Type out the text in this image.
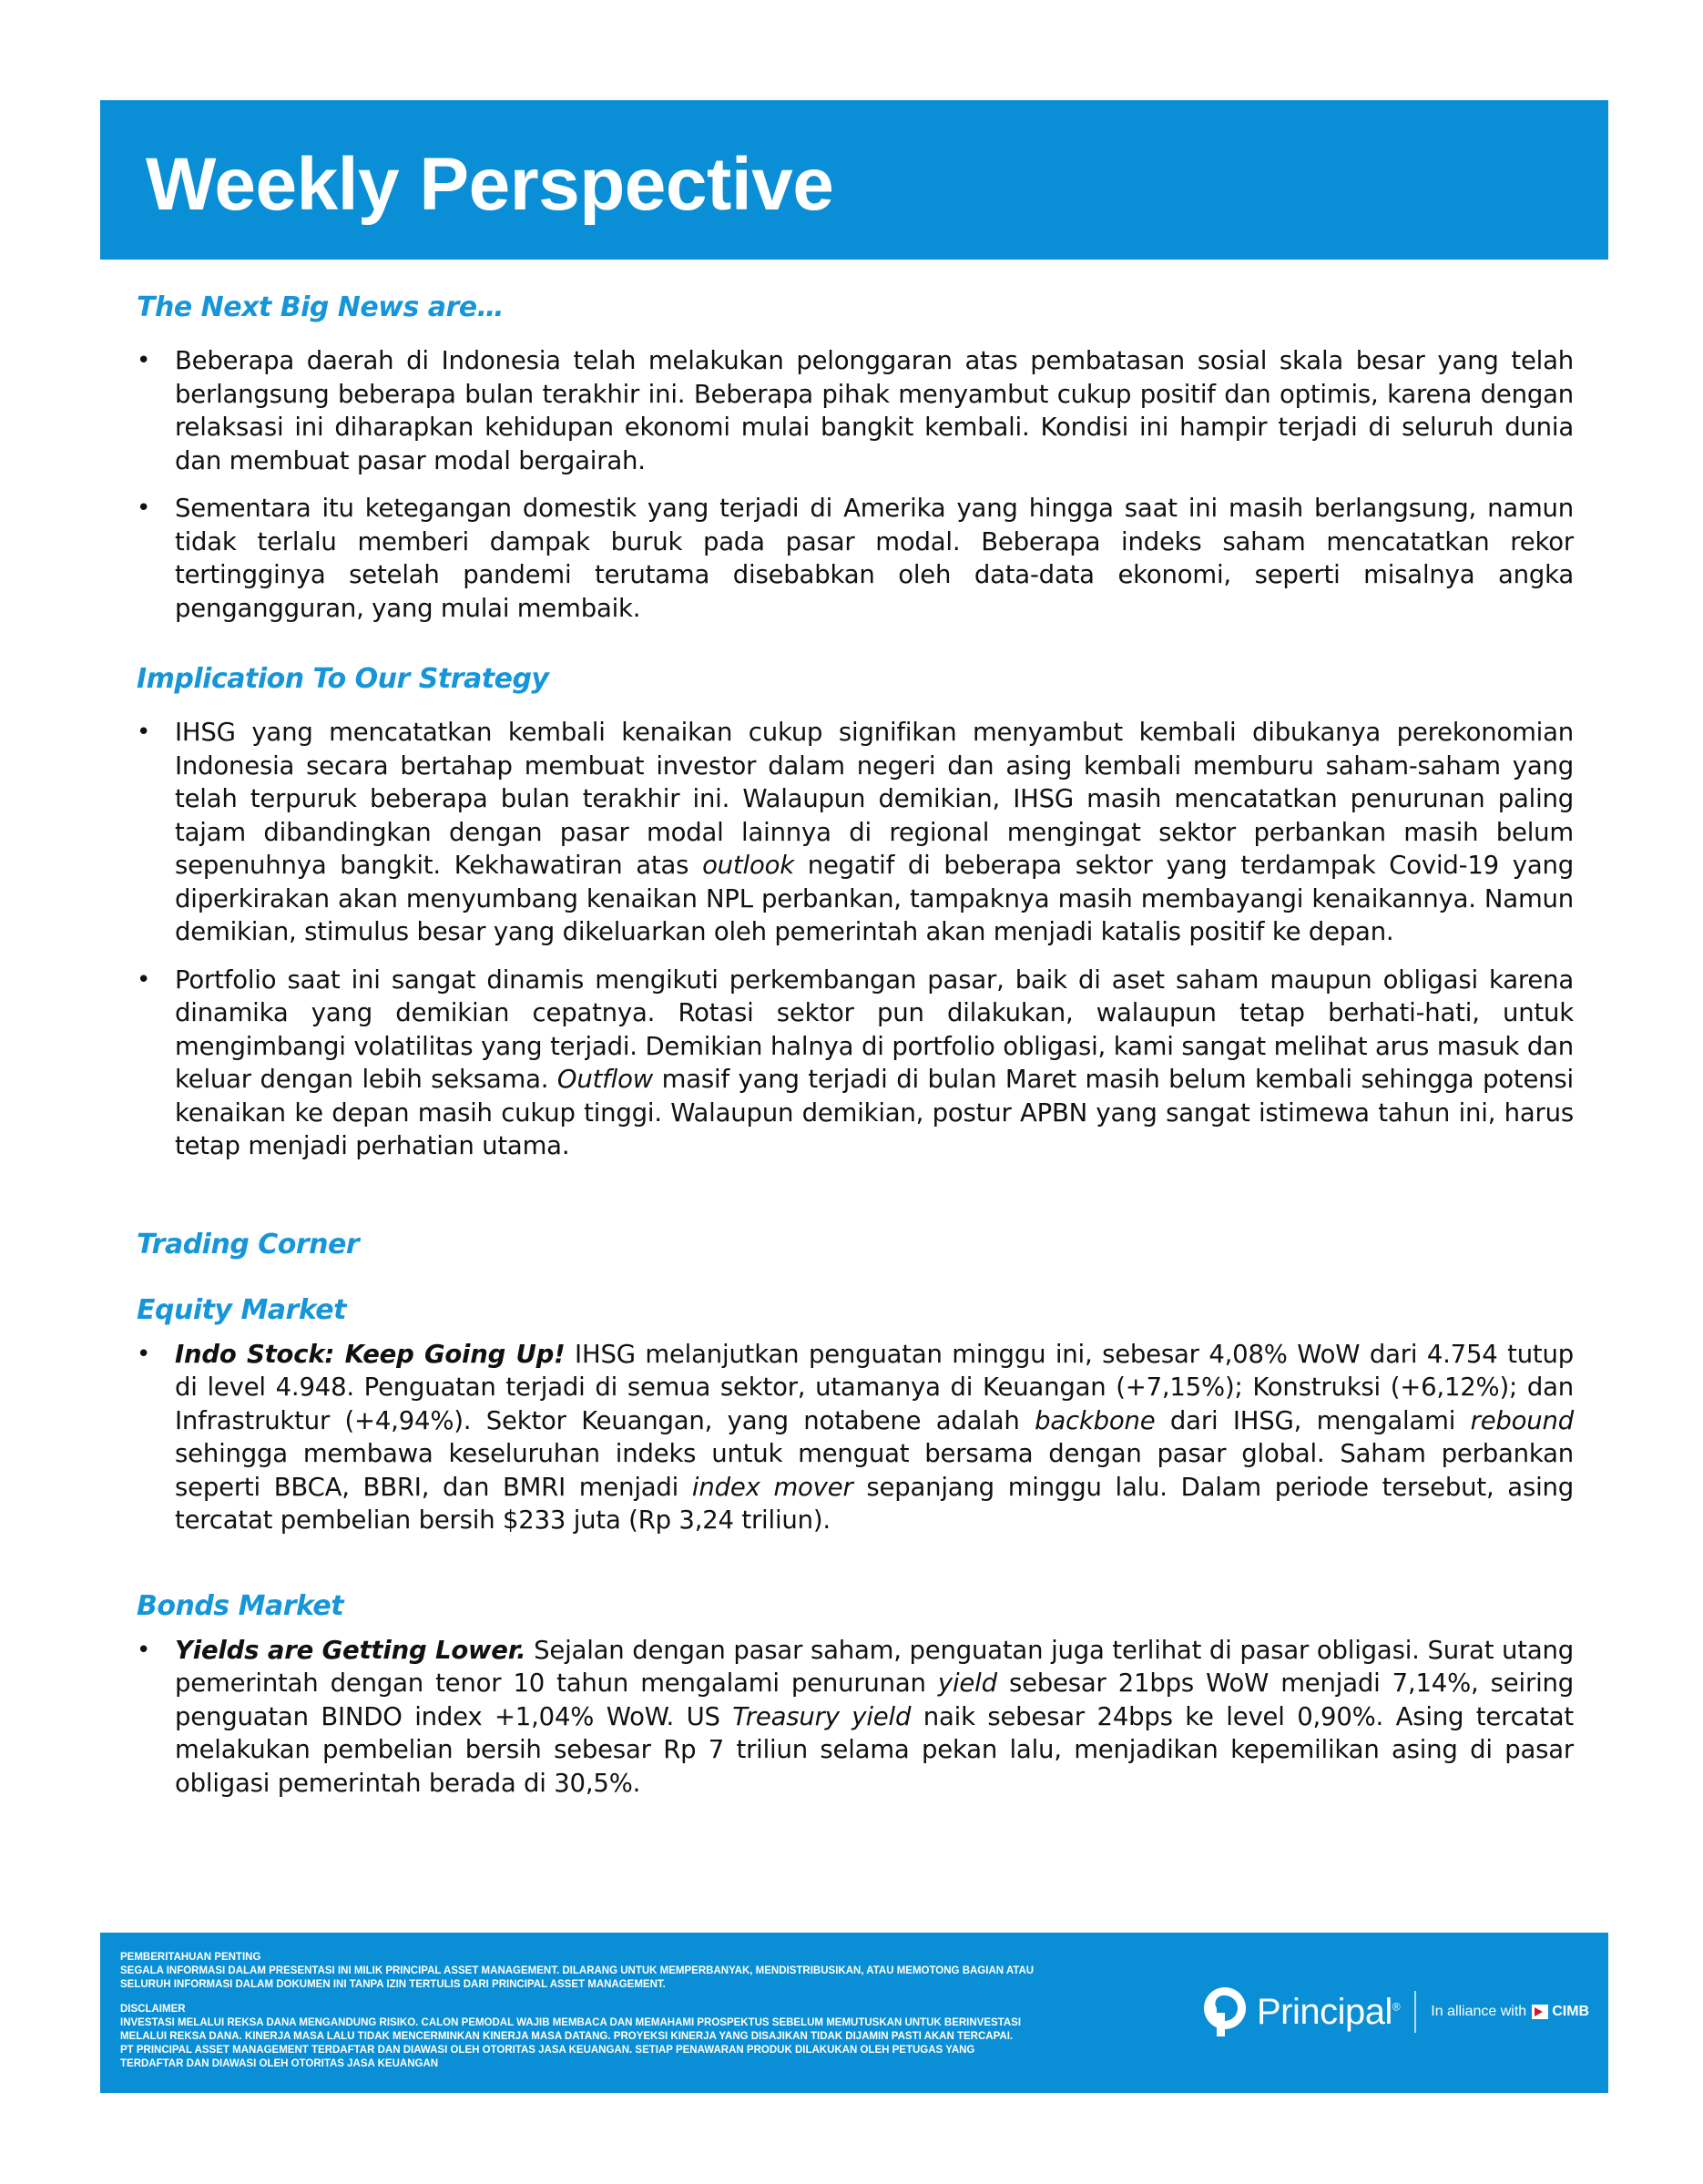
Weekly Perspective
The Next Big News are…
• Beberapa daerah di Indonesia telah melakukan pelonggaran atas pembatasan sosial skala besar yang telah berlangsung beberapa bulan terakhir ini. Beberapa pihak menyambut cukup positif dan optimis, karena dengan relaksasi ini diharapkan kehidupan ekonomi mulai bangkit kembali. Kondisi ini hampir terjadi di seluruh dunia dan membuat pasar modal bergairah.
• Sementara itu ketegangan domestik yang terjadi di Amerika yang hingga saat ini masih berlangsung, namun tidak terlalu memberi dampak buruk pada pasar modal. Beberapa indeks saham mencatatkan rekor tertingginya setelah pandemi terutama disebabkan oleh data-data ekonomi, seperti misalnya angka pengangguran, yang mulai membaik.
Implication To Our Strategy
• IHSG yang mencatatkan kembali kenaikan cukup signifikan menyambut kembali dibukanya perekonomian Indonesia secara bertahap membuat investor dalam negeri dan asing kembali memburu saham-saham yang telah terpuruk beberapa bulan terakhir ini. Walaupun demikian, IHSG masih mencatatkan penurunan paling tajam dibandingkan dengan pasar modal lainnya di regional mengingat sektor perbankan masih belum sepenuhnya bangkit. Kekhawatiran atas outlook negatif di beberapa sektor yang terdampak Covid-19 yang diperkirakan akan menyumbang kenaikan NPL perbankan, tampaknya masih membayangi kenaikannya. Namun demikian, stimulus besar yang dikeluarkan oleh pemerintah akan menjadi katalis positif ke depan.
• Portfolio saat ini sangat dinamis mengikuti perkembangan pasar, baik di aset saham maupun obligasi karena dinamika yang demikian cepatnya. Rotasi sektor pun dilakukan, walaupun tetap berhati-hati, untuk mengimbangi volatilitas yang terjadi. Demikian halnya di portfolio obligasi, kami sangat melihat arus masuk dan keluar dengan lebih seksama. Outflow masif yang terjadi di bulan Maret masih belum kembali sehingga potensi kenaikan ke depan masih cukup tinggi. Walaupun demikian, postur APBN yang sangat istimewa tahun ini, harus tetap menjadi perhatian utama.
Trading Corner
Equity Market
• Indo Stock: Keep Going Up! IHSG melanjutkan penguatan minggu ini, sebesar 4,08% WoW dari 4.754 tutup di level 4.948. Penguatan terjadi di semua sektor, utamanya di Keuangan (+7,15%); Konstruksi (+6,12%); dan Infrastruktur (+4,94%). Sektor Keuangan, yang notabene adalah backbone dari IHSG, mengalami rebound sehingga membawa keseluruhan indeks untuk menguat bersama dengan pasar global. Saham perbankan seperti BBCA, BBRI, dan BMRI menjadi index mover sepanjang minggu lalu. Dalam periode tersebut, asing tercatat pembelian bersih $233 juta (Rp 3,24 triliun).
Bonds Market
• Yields are Getting Lower. Sejalan dengan pasar saham, penguatan juga terlihat di pasar obligasi. Surat utang pemerintah dengan tenor 10 tahun mengalami penurunan yield sebesar 21bps WoW menjadi 7,14%, seiring penguatan BINDO index +1,04% WoW. US Treasury yield naik sebesar 24bps ke level 0,90%. Asing tercatat melakukan pembelian bersih sebesar Rp 7 triliun selama pekan lalu, menjadikan kepemilikan asing di pasar obligasi pemerintah berada di 30,5%.

PEMBERITAHUAN PENTING

SEGALA INFORMASI DALAM PRESENTASI INI MILIK PRINCIPAL ASSET MANAGEMENT. DILARANG UNTUK MEMPERBANYAK, MENDISTRIBUSIKAN, ATAU MEMOTONG BAGIAN ATAU

SELURUH INFORMASI DALAM DOKUMEN INI TANPA IZIN TERTULIS DARI PRINCIPAL ASSET MANAGEMENT.

DISCLAIMER

INVESTASI MELALUI REKSA DANA MENGANDUNG RISIKO. CALON PEMODAL WAJIB MEMBACA DAN MEMAHAMI PROSPEKTUS SEBELUM MEMUTUSKAN UNTUK BERINVESTASI

MELALUI REKSA DANA. KINERJA MASA LALU TIDAK MENCERMINKAN KINERJA MASA DATANG. PROYEKSI KINERJA YANG DISAJIKAN TIDAK DIJAMIN PASTI AKAN TERCAPAI.

PT PRINCIPAL ASSET MANAGEMENT TERDAFTAR DAN DIAWASI OLEH OTORITAS JASA KEUANGAN. SETIAP PENAWARAN PRODUK DILAKUKAN OLEH PETUGAS YANG

TERDAFTAR DAN DIAWASI OLEH OTORITAS JASA KEUANGAN

Principal® In alliance with CIMB
